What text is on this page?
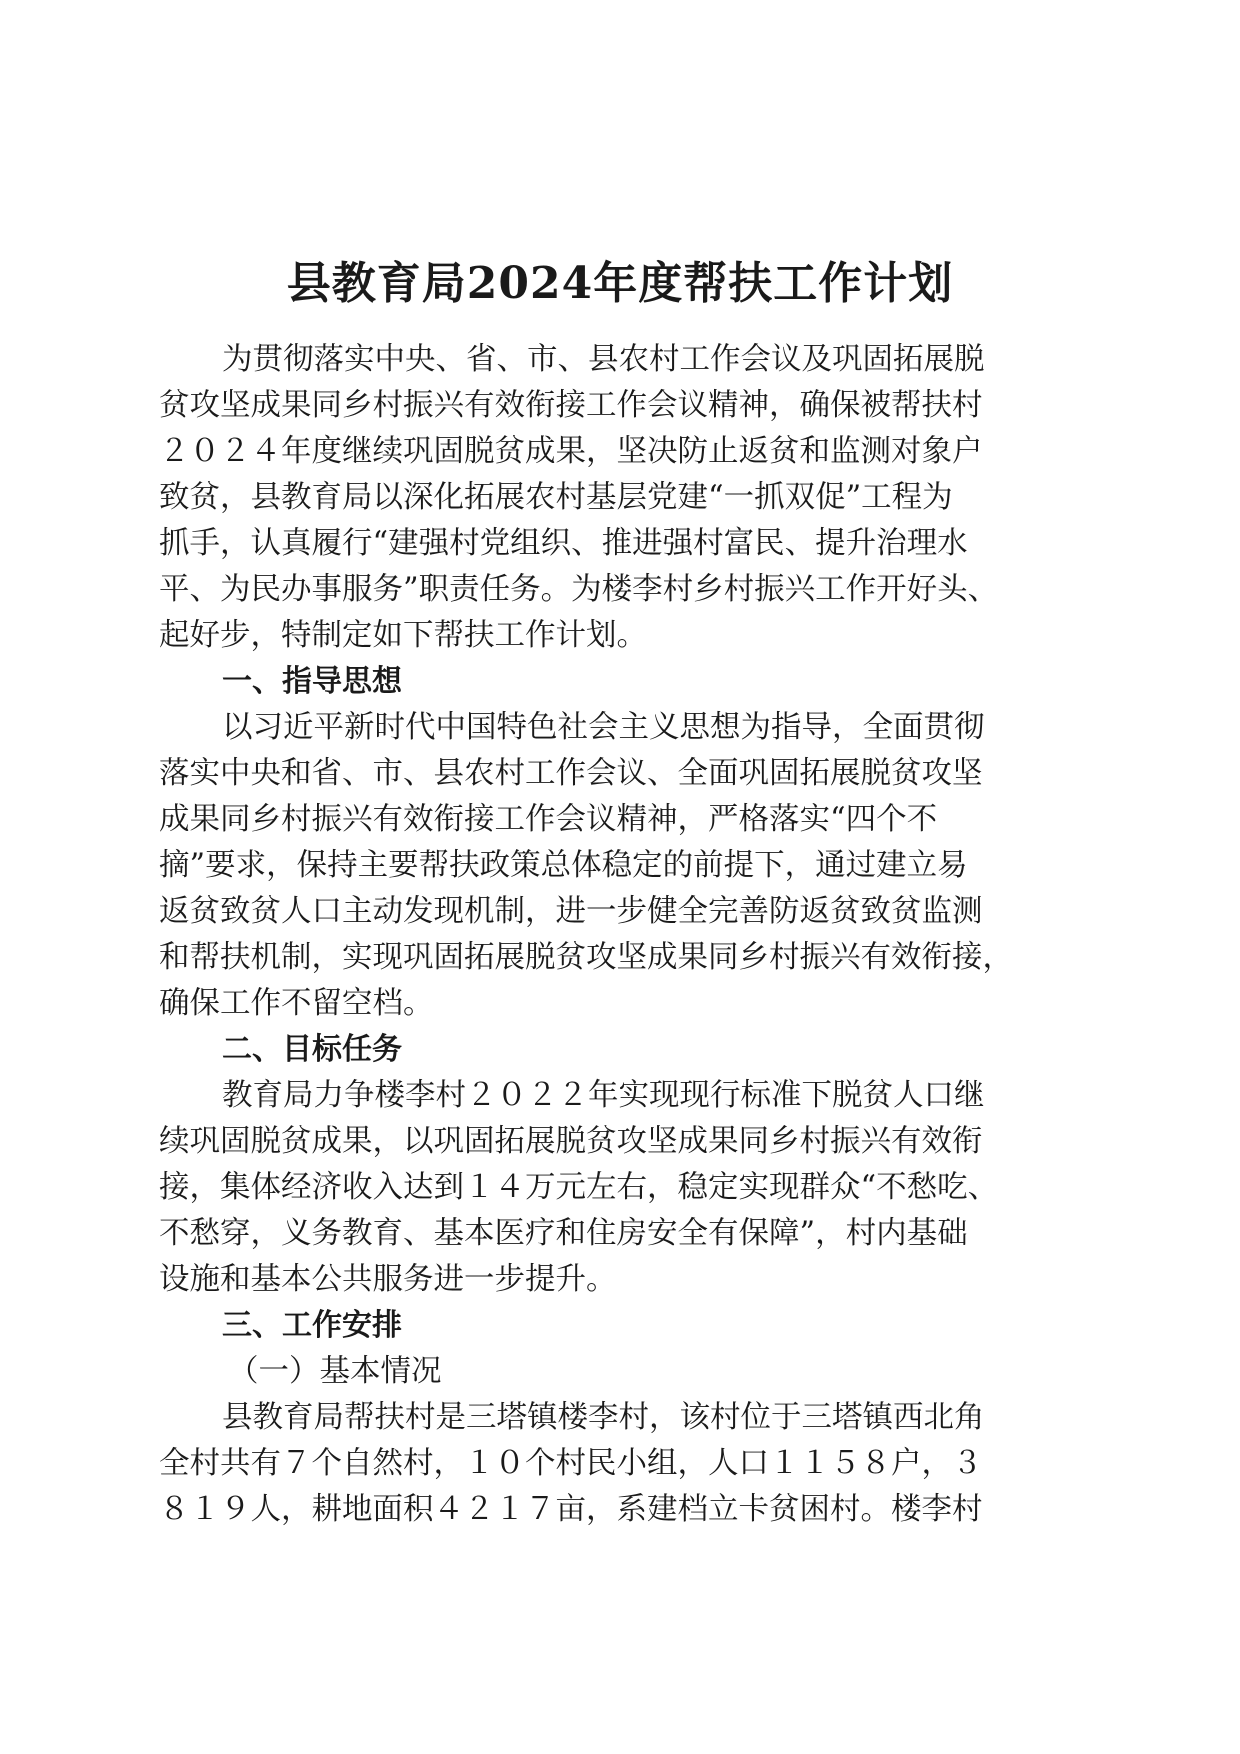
县教育局2024年度帮扶工作计划
为贯彻落实中央、省、市、县农村工作会议及巩固拓展脱
贫攻坚成果同乡村振兴有效衔接工作会议精神，确保被帮扶村
２０２４年度继续巩固脱贫成果，坚决防止返贫和监测对象户
致贫，县教育局以深化拓展农村基层党建“一抓双促”工程为
抓手，认真履行“建强村党组织、推进强村富民、提升治理水
平、为民办事服务”职责任务。为楼李村乡村振兴工作开好头、
起好步，特制定如下帮扶工作计划。
一、指导思想
以习近平新时代中国特色社会主义思想为指导，全面贯彻
落实中央和省、市、县农村工作会议、全面巩固拓展脱贫攻坚
成果同乡村振兴有效衔接工作会议精神，严格落实“四个不
摘”要求，保持主要帮扶政策总体稳定的前提下，通过建立易
返贫致贫人口主动发现机制，进一步健全完善防返贫致贫监测
和帮扶机制，实现巩固拓展脱贫攻坚成果同乡村振兴有效衔接，
确保工作不留空档。
二、目标任务
教育局力争楼李村２０２２年实现现行标准下脱贫人口继
续巩固脱贫成果，以巩固拓展脱贫攻坚成果同乡村振兴有效衔
接，集体经济收入达到１４万元左右，稳定实现群众“不愁吃、
不愁穿，义务教育、基本医疗和住房安全有保障”，村内基础
设施和基本公共服务进一步提升。
三、工作安排
（一）基本情况
县教育局帮扶村是三塔镇楼李村，该村位于三塔镇西北角
全村共有７个自然村，１０个村民小组，人口１１５８户，３
８１９人，耕地面积４２１７亩，系建档立卡贫困村。楼李村
